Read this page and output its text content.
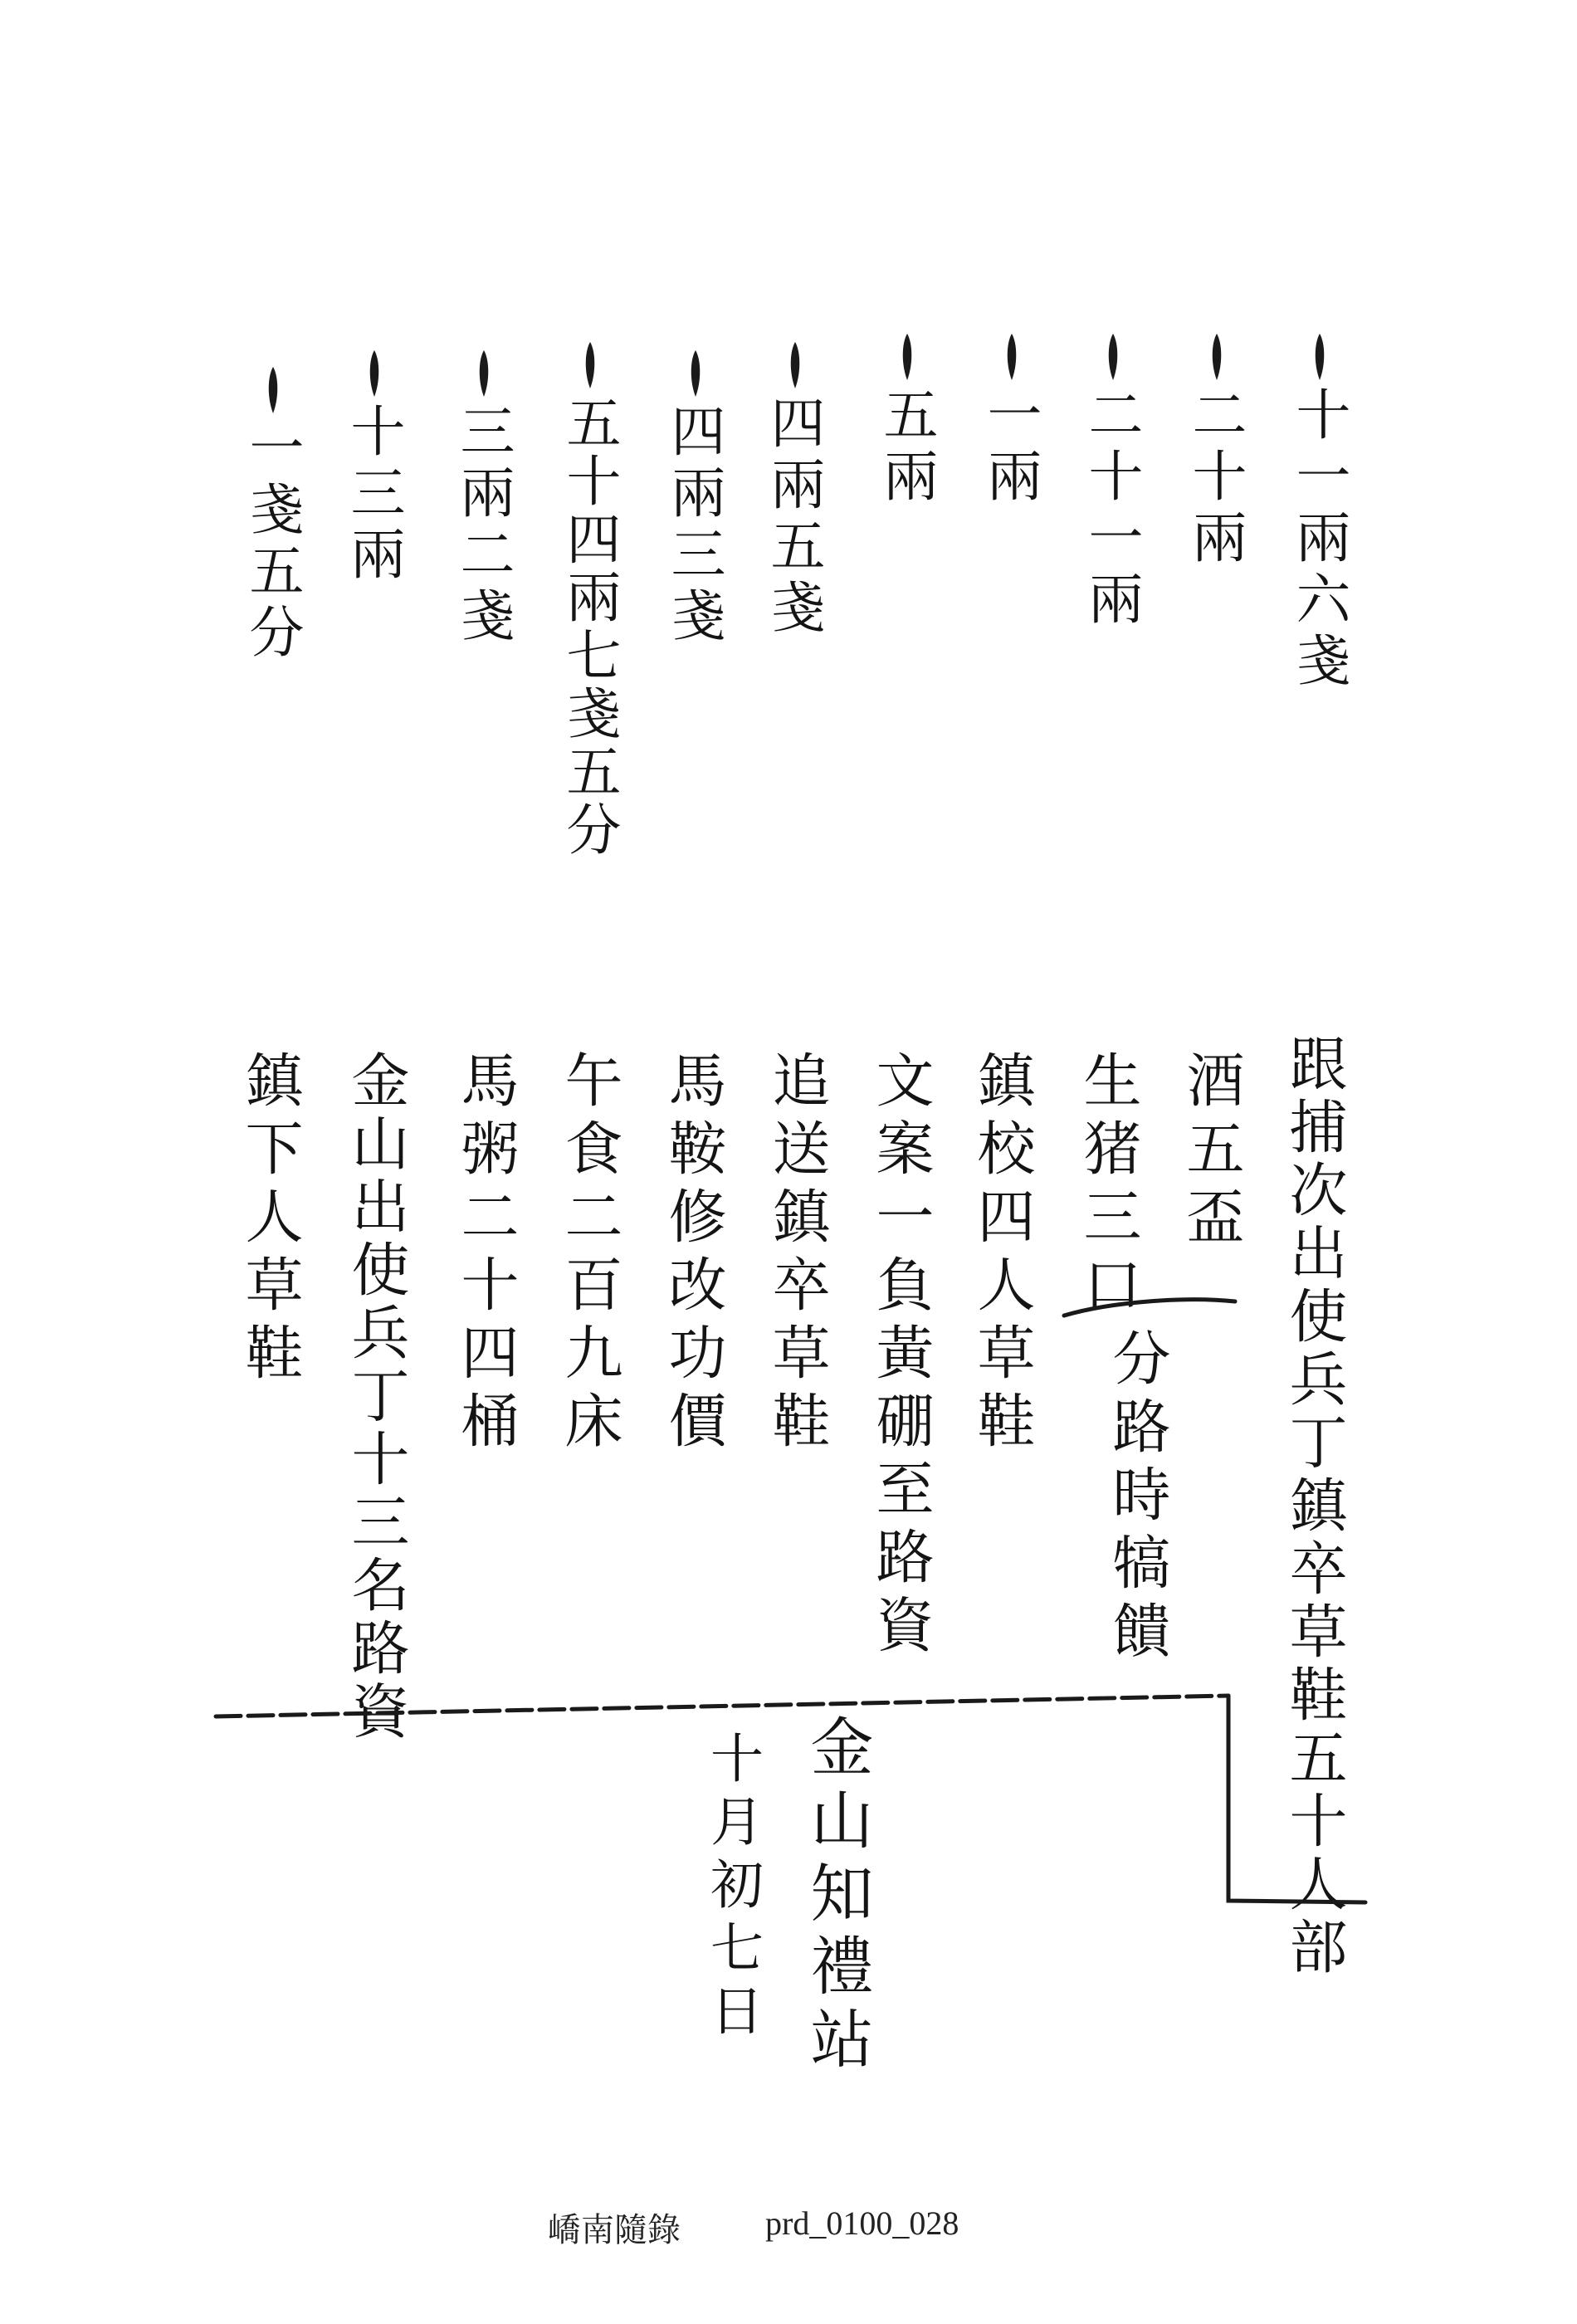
十一兩六戔
二十兩
二十一兩
一兩
五兩
四兩五戔
四兩三戔
五十四兩七戔五分
三兩二戔
十三兩
一戔五分
跟捕次出使兵丁鎮卒草鞋五十人部
酒五盃
生猪三口
分路時犒饋
鎮校四人草鞋
文案一負黃硼至路資
追送鎮卒草鞋
馬鞍修改功價
午食二百九床
馬粥二十四桶
金山出使兵丁十三名路資
鎮下人草鞋
金山知禮站
十月初七日
嶠南隨錄	prd_0100_028
